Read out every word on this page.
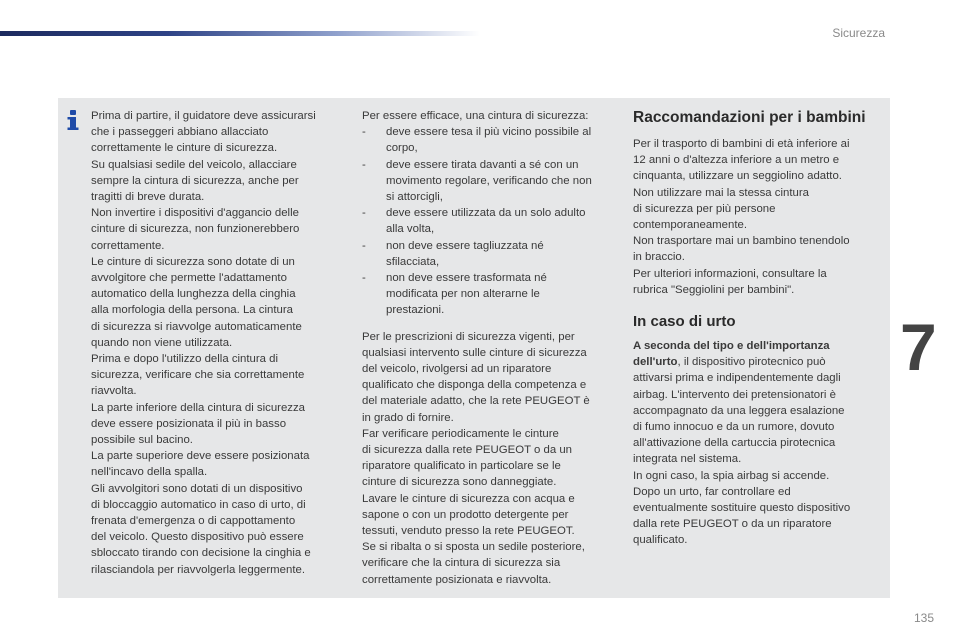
Sicurezza
Prima di partire, il guidatore deve assicurarsi
che i passeggeri abbiano allacciato
correttamente le cinture di sicurezza.
Su qualsiasi sedile del veicolo, allacciare
sempre la cintura di sicurezza, anche per
tragitti di breve durata.
Non invertire i dispositivi d'aggancio delle
cinture di sicurezza, non funzionerebbero
correttamente.
Le cinture di sicurezza sono dotate di un
avvolgitore che permette l'adattamento
automatico della lunghezza della cinghia
alla morfologia della persona. La cintura
di sicurezza si riavvolge automaticamente
quando non viene utilizzata.
Prima e dopo l'utilizzo della cintura di
sicurezza, verificare che sia correttamente
riavvolta.
La parte inferiore della cintura di sicurezza
deve essere posizionata il più in basso
possibile sul bacino.
La parte superiore deve essere posizionata
nell'incavo della spalla.
Gli avvolgitori sono dotati di un dispositivo
di bloccaggio automatico in caso di urto, di
frenata d'emergenza o di cappottamento
del veicolo. Questo dispositivo può essere
sbloccato tirando con decisione la cinghia e
rilasciandola per riavvolgerla leggermente.
Per essere efficace, una cintura di sicurezza:
- deve essere tesa il più vicino possibile al
corpo,
- deve essere tirata davanti a sé con un
movimento regolare, verificando che non
si attorcigli,
- deve essere utilizzata da un solo adulto
alla volta,
- non deve essere tagliuzzata né
sfilacciata,
- non deve essere trasformata né
modificata per non alterarne le
prestazioni.
Per le prescrizioni di sicurezza vigenti, per
qualsiasi intervento sulle cinture di sicurezza
del veicolo, rivolgersi ad un riparatore
qualificato che disponga della competenza e
del materiale adatto, che la rete PEUGEOT è
in grado di fornire.
Far verificare periodicamente le cinture
di sicurezza dalla rete PEUGEOT o da un
riparatore qualificato in particolare se le
cinture di sicurezza sono danneggiate.
Lavare le cinture di sicurezza con acqua e
sapone o con un prodotto detergente per
tessuti, venduto presso la rete PEUGEOT.
Se si ribalta o si sposta un sedile posteriore,
verificare che la cintura di sicurezza sia
correttamente posizionata e riavvolta.
Raccomandazioni per i bambini
Per il trasporto di bambini di età inferiore ai
12 anni o d'altezza inferiore a un metro e
cinquanta, utilizzare un seggiolino adatto.
Non utilizzare mai la stessa cintura
di sicurezza per più persone
contemporaneamente.
Non trasportare mai un bambino tenendolo
in braccio.
Per ulteriori informazioni, consultare la
rubrica "Seggiolini per bambini".
In caso di urto
A seconda del tipo e dell'importanza
dell'urto, il dispositivo pirotecnico può
attivarsi prima e indipendentemente dagli
airbag. L'intervento dei pretensionatori è
accompagnato da una leggera esalazione
di fumo innocuo e da un rumore, dovuto
all'attivazione della cartuccia pirotecnica
integrata nel sistema.
In ogni caso, la spia airbag si accende.
Dopo un urto, far controllare ed
eventualmente sostituire questo dispositivo
dalla rete PEUGEOT o da un riparatore
qualificato.
7
135
